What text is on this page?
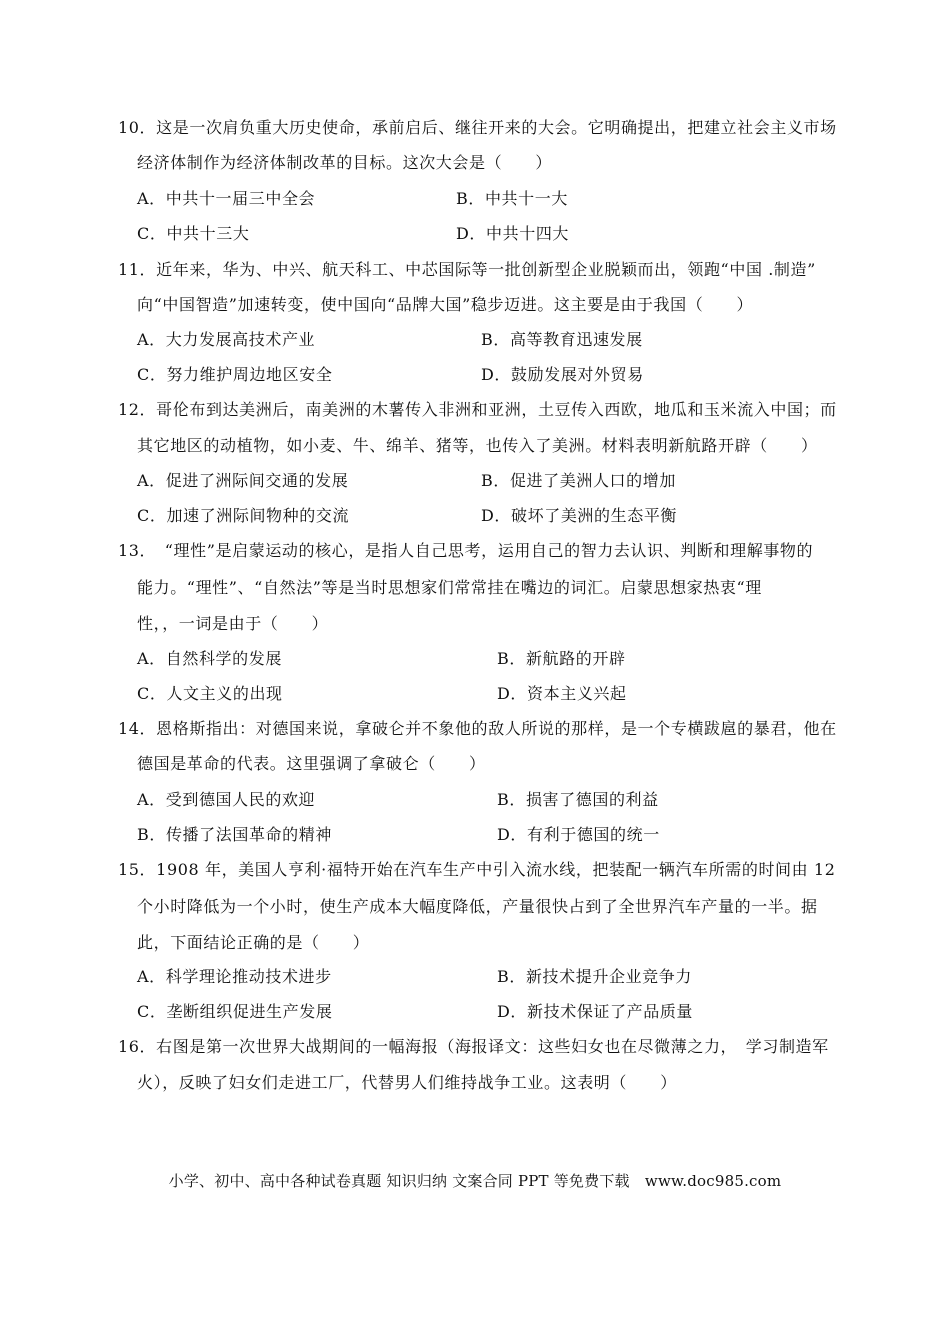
10．这是一次肩负重大历史使命，承前启后、继往开来的大会。它明确提出，把建立社会主义市场
经济体制作为经济体制改革的目标。这次大会是（　　）
A．中共十一届三中全会	B．中共十一大
C．中共十三大	D．中共十四大
11．近年来，华为、中兴、航天科工、中芯国际等一批创新型企业脱颖而出，领跑“中国 .制造”
向“中国智造”加速转变，使中国向“品牌大国”稳步迈进。这主要是由于我国（　　）
A．大力发展高技术产业	B．高等教育迅速发展
C．努力维护周边地区安全	D．鼓励发展对外贸易
12．哥伦布到达美洲后，南美洲的木薯传入非洲和亚洲，土豆传入西欧，地瓜和玉米流入中国；而
其它地区的动植物，如小麦、牛、绵羊、猪等，也传入了美洲。材料表明新航路开辟（　　）
A．促进了洲际间交通的发展	B．促进了美洲人口的增加
C．加速了洲际间物种的交流	D．破坏了美洲的生态平衡
13．　“理性”是启蒙运动的核心，是指人自己思考，运用自己的智力去认识、判断和理解事物的
能力。“理性”、“自然法”等是当时思想家们常常挂在嘴边的词汇。启蒙思想家热衷“理
性，，一词是由于（　　）
A．自然科学的发展	B．新航路的开辟
C．人文主义的出现	D．资本主义兴起
14．恩格斯指出：对德国来说，拿破仑并不象他的敌人所说的那样，是一个专横跋扈的暴君，他在
德国是革命的代表。这里强调了拿破仑（　　）
A．受到德国人民的欢迎	B．损害了德国的利益
B．传播了法国革命的精神	D．有利于德国的统一
15．1908 年，美国人亨利·福特开始在汽车生产中引入流水线，把装配一辆汽车所需的时间由 12
个小时降低为一个小时，使生产成本大幅度降低，产量很快占到了全世界汽车产量的一半。据
此，下面结论正确的是（　　）
A．科学理论推动技术进步	B．新技术提升企业竞争力
C．垄断组织促进生产发展	D．新技术保证了产品质量
16．右图是第一次世界大战期间的一幅海报（海报译文：这些妇女也在尽微薄之力，　学习制造军
火），反映了妇女们走进工厂，代替男人们维持战争工业。这表明（　　）
小学、初中、高中各种试卷真题 知识归纳 文案合同 PPT 等免费下载　www.doc985.com
